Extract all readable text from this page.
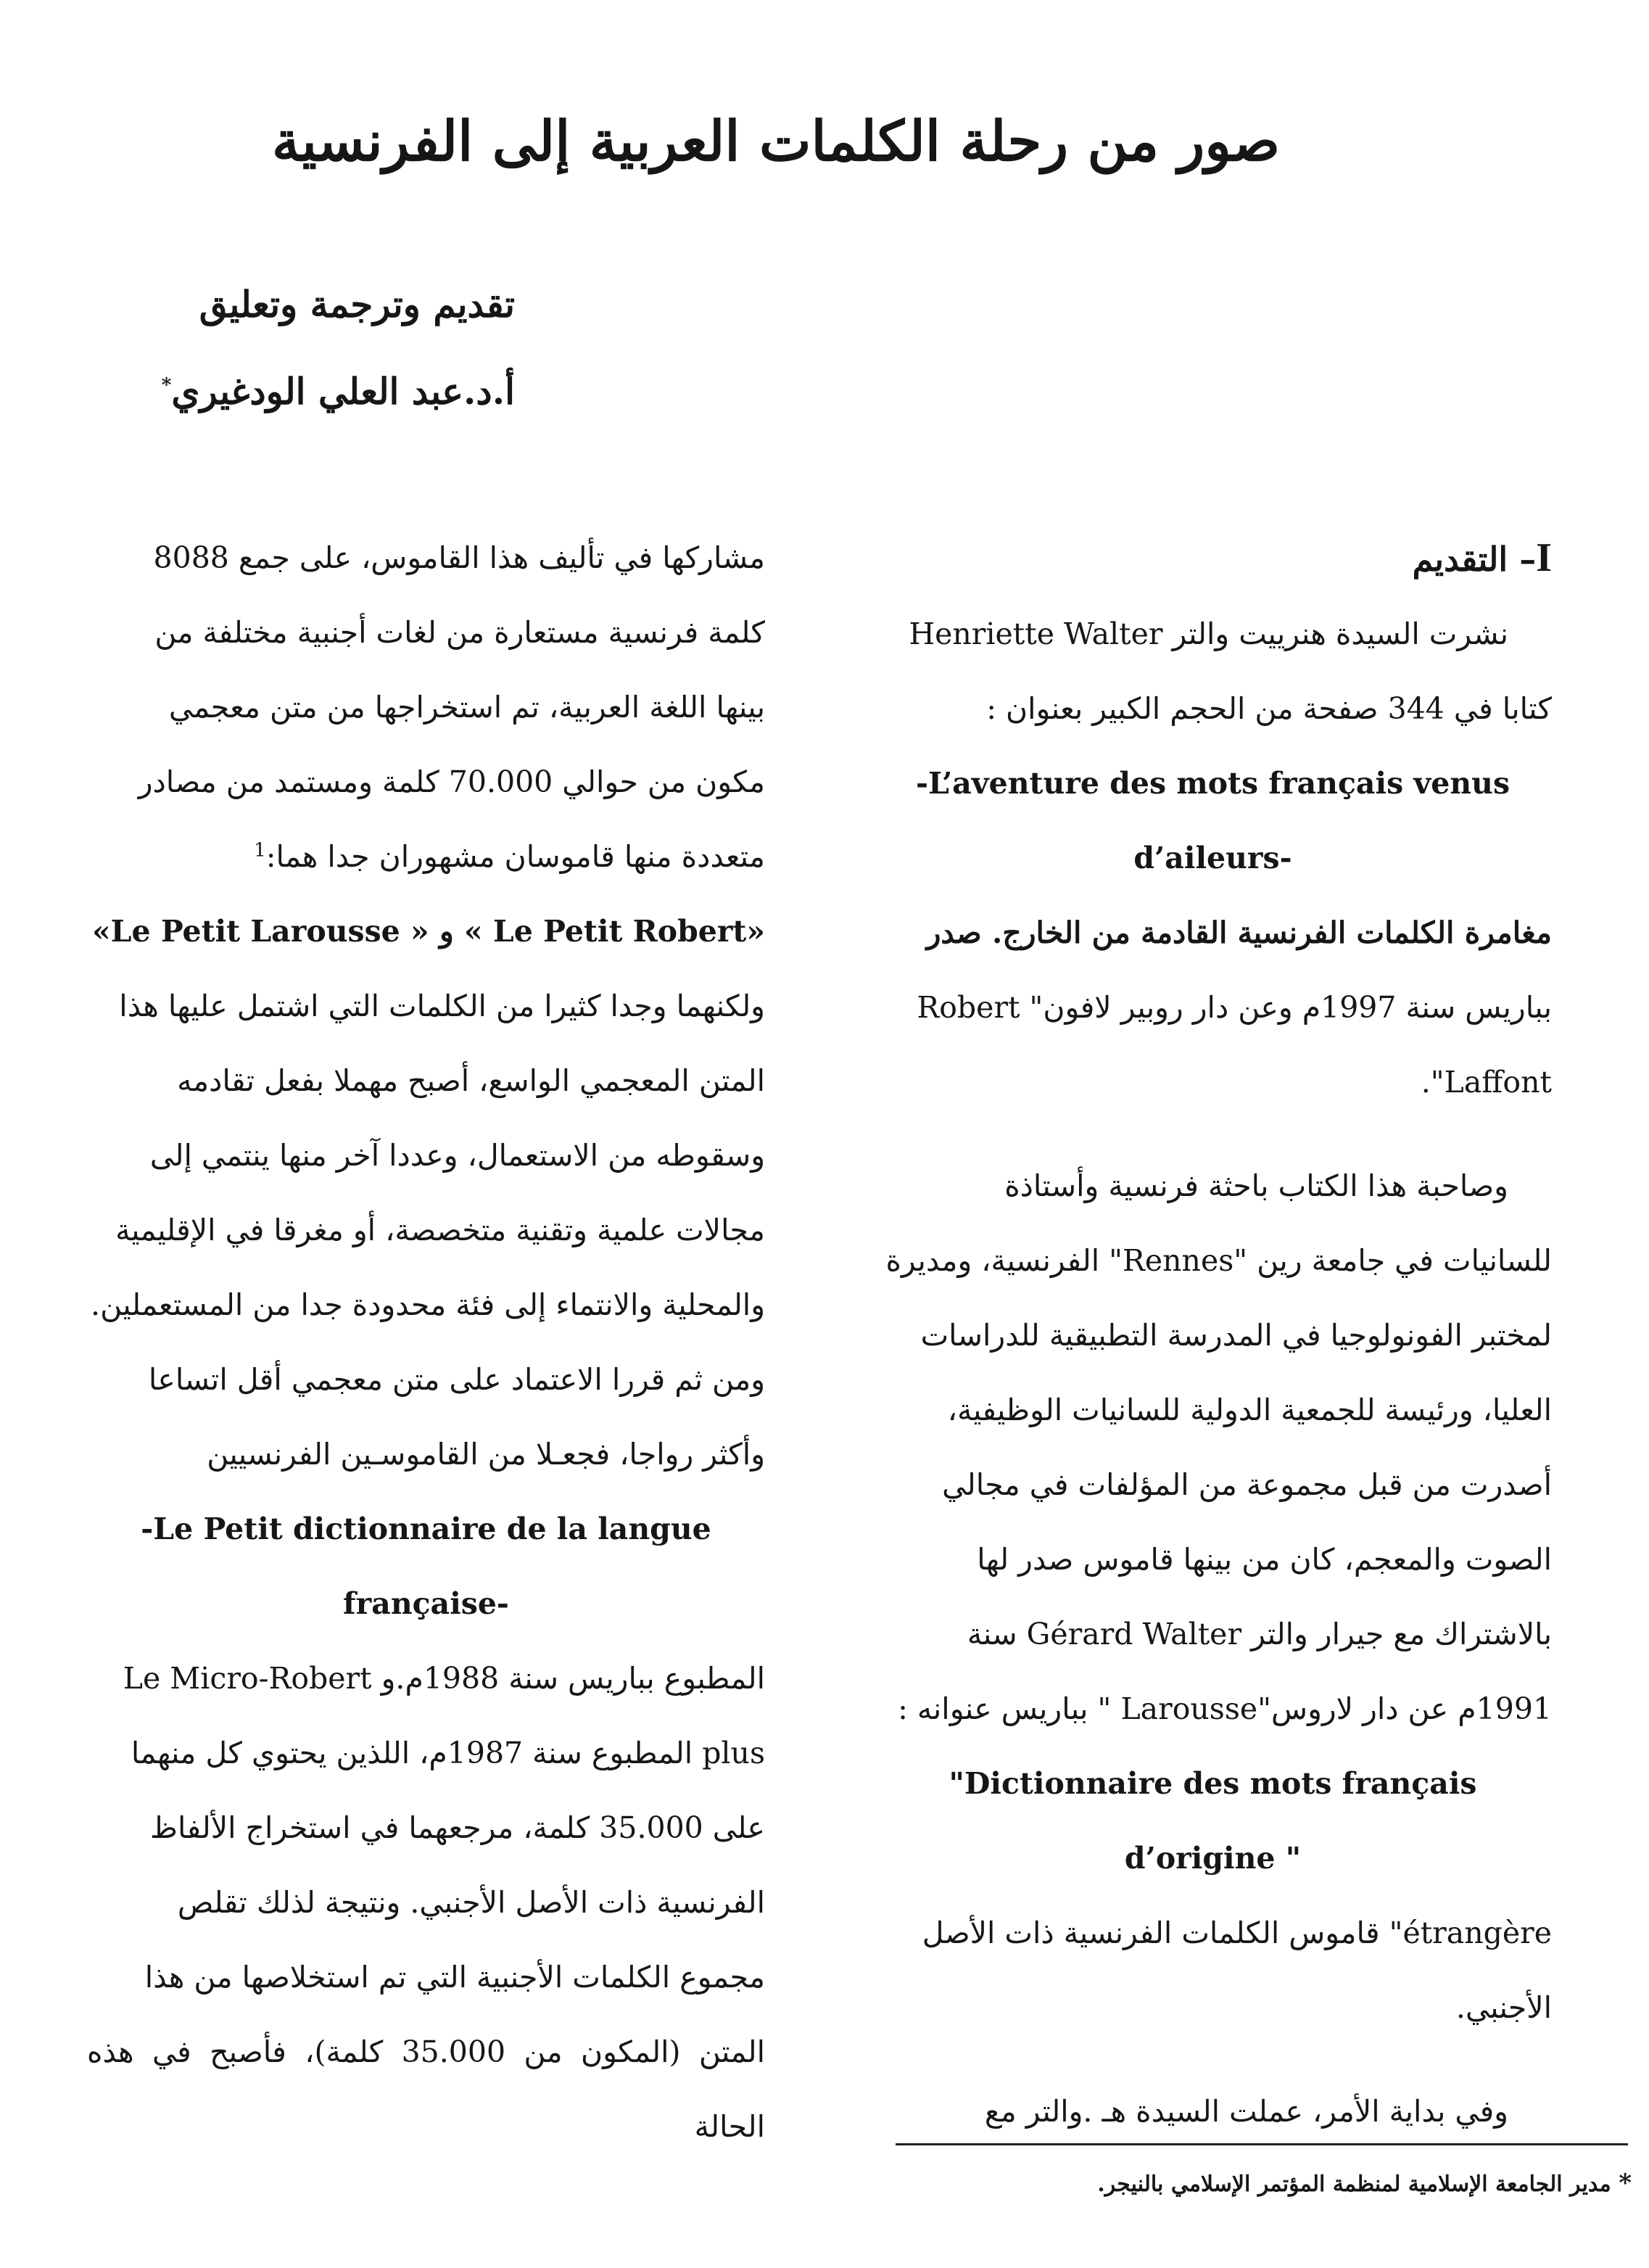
صور من رحلة الكلمات العربية إلى الفرنسية
تقديم وترجمة وتعليق
أ.د.عبد العلي الودغيري*

I– التقديم

نشرت السيدة هنرييت والتر Henriette Walter

كتابا في 344 صفحة من الحجم الكبير بعنوان :

-L’aventure des mots français venus d’aileurs-

مغامرة الكلمات الفرنسية القادمة من الخارج. صدر

بباريس سنة 1997م وعن دار روبير لافون" Robert

Laffont".

وصاحبة هذا الكتاب باحثة فرنسية وأستاذة

للسانيات في جامعة رين "Rennes" الفرنسية، ومديرة

لمختبر الفونولوجيا في المدرسة التطبيقية للدراسات

العليا، ورئيسة للجمعية الدولية للسانيات الوظيفية،

أصدرت من قبل مجموعة من المؤلفات في مجالي

الصوت والمعجم، كان من بينها قاموس صدر لها

بالاشتراك مع جيرار والتر Gérard Walter سنة

1991م عن دار لاروس"Larousse " بباريس عنوانه :

"Dictionnaire des mots français d’origine "

étrangère" قاموس الكلمات الفرنسية ذات الأصل

الأجنبي.

وفي بداية الأمر، عملت السيدة هـ .والتر مع

مشاركها في تأليف هذا القاموس، على جمع 8088

كلمة فرنسية مستعارة من لغات أجنبية مختلفة من

بينها اللغة العربية، تم استخراجها من متن معجمي

مكون من حوالي 70.000 كلمة ومستمد من مصادر

متعددة منها قاموسان مشهوران جدا هما:$^1$

«Le Petit Robert » و « Le Petit Larousse»

ولكنهما وجدا كثيرا من الكلمات التي اشتمل عليها هذا

المتن المعجمي الواسع، أصبح مهملا بفعل تقادمه

وسقوطه من الاستعمال، وعددا آخر منها ينتمي إلى

مجالات علمية وتقنية متخصصة، أو مغرقا في الإقليمية

والمحلية والانتماء إلى فئة محدودة جدا من المستعملين.

ومن ثم قررا الاعتماد على متن معجمي أقل اتساعا

وأكثر رواجا، فجعـلا من القاموسـين الفرنسيين

-Le Petit dictionnaire de la langue française-

المطبوع بباريس سنة 1988م.و Le Micro-Robert

plus المطبوع سنة 1987م، اللذين يحتوي كل منهما

على 35.000 كلمة، مرجعهما في استخراج الألفاظ

الفرنسية ذات الأصل الأجنبي. ونتيجة لذلك تقلص

مجموع الكلمات الأجنبية التي تم استخلاصها من هذا

المتن (المكون من 35.000 كلمة)، فأصبح في هذه الحالة

* مدير الجامعة الإسلامية لمنظمة المؤتمر الإسلامي بالنيجر.
